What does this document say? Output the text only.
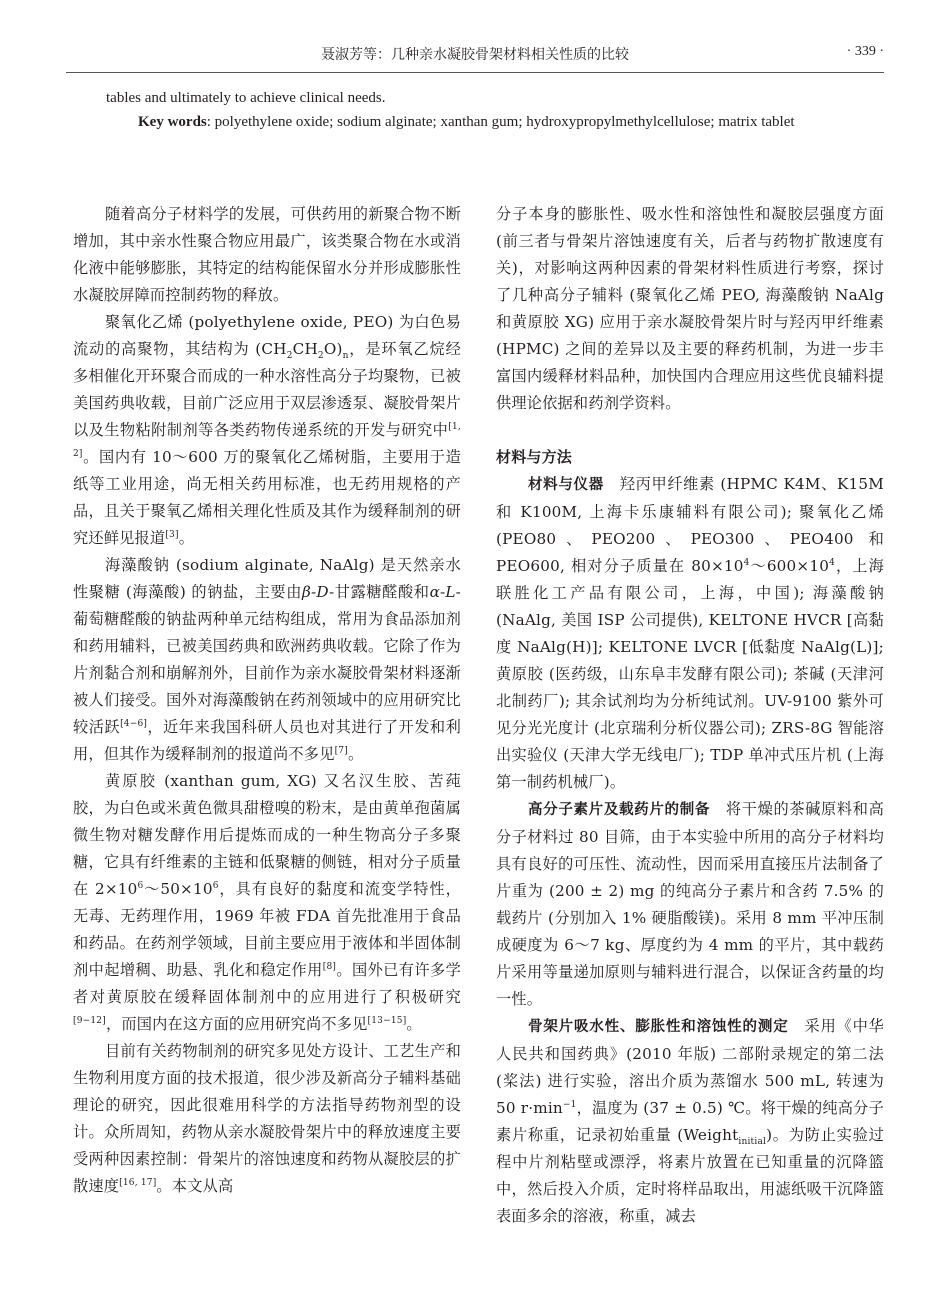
聂淑芳等：几种亲水凝胶骨架材料相关性质的比较	· 339 ·

tables and ultimately to achieve clinical needs.

Key words: polyethylene oxide; sodium alginate; xanthan gum; hydroxypropylmethylcellulose; matrix tablet

随着高分子材料学的发展，可供药用的新聚合物不断增加，其中亲水性聚合物应用最广，该类聚合物在水或消化液中能够膨胀，其特定的结构能保留水分并形成膨胀性水凝胶屏障而控制药物的释放。

聚氧化乙烯 (polyethylene oxide, PEO) 为白色易流动的高聚物，其结构为 $(CH_2CH_2O)_n$，是环氧乙烷经多相催化开环聚合而成的一种水溶性高分子均聚物，已被美国药典收载，目前广泛应用于双层渗透泵、凝胶骨架片以及生物粘附制剂等各类药物传递系统的开发与研究中[1, 2]。国内有 10～600 万的聚氧化乙烯树脂，主要用于造纸等工业用途，尚无相关药用标准，也无药用规格的产品，且关于聚氧乙烯相关理化性质及其作为缓释制剂的研究还鲜见报道[3]。

海藻酸钠 (sodium alginate, NaAlg) 是天然亲水性聚糖 (海藻酸) 的钠盐，主要由β-D-甘露糖醛酸和α-L-葡萄糖醛酸的钠盐两种单元结构组成，常用为食品添加剂和药用辅料，已被美国药典和欧洲药典收载。它除了作为片剂黏合剂和崩解剂外，目前作为亲水凝胶骨架材料逐渐被人们接受。国外对海藻酸钠在药剂领域中的应用研究比较活跃[4−6]，近年来我国科研人员也对其进行了开发和利用，但其作为缓释制剂的报道尚不多见[7]。

黄原胶 (xanthan gum, XG) 又名汉生胶、苦莼胶，为白色或米黄色微具甜橙嗅的粉末，是由黄单孢菌属微生物对糖发酵作用后提炼而成的一种生物高分子多聚糖，它具有纤维素的主链和低聚糖的侧链，相对分子质量在 $2\times 10^6\sim 50\times 10^6$，具有良好的黏度和流变学特性，无毒、无药理作用，1969 年被 FDA 首先批准用于食品和药品。在药剂学领域，目前主要应用于液体和半固体制剂中起增稠、助悬、乳化和稳定作用[8]。国外已有许多学者对黄原胶在缓释固体制剂中的应用进行了积极研究[9−12]，而国内在这方面的应用研究尚不多见[13−15]。

目前有关药物制剂的研究多见处方设计、工艺生产和生物利用度方面的技术报道，很少涉及新高分子辅料基础理论的研究，因此很难用科学的方法指导药物剂型的设计。众所周知，药物从亲水凝胶骨架片中的释放速度主要受两种因素控制：骨架片的溶蚀速度和药物从凝胶层的扩散速度[16, 17]。本文从高

分子本身的膨胀性、吸水性和溶蚀性和凝胶层强度方面 (前三者与骨架片溶蚀速度有关，后者与药物扩散速度有关)，对影响这两种因素的骨架材料性质进行考察，探讨了几种高分子辅料 (聚氧化乙烯 PEO, 海藻酸钠 NaAlg 和黄原胶 XG) 应用于亲水凝胶骨架片时与羟丙甲纤维素 (HPMC) 之间的差异以及主要的释药机制，为进一步丰富国内缓释材料品种，加快国内合理应用这些优良辅料提供理论依据和药剂学资料。

材料与方法

材料与仪器　羟丙甲纤维素 (HPMC K4M、K15M 和 K100M, 上海卡乐康辅料有限公司); 聚氧化乙烯 (PEO80、PEO200、PEO300、PEO400 和 PEO600, 相对分子质量在 $80\times 10^4\sim 600\times 10^4$，上海联胜化工产品有限公司，上海，中国); 海藻酸钠 (NaAlg, 美国 ISP 公司提供), KELTONE HVCR [高黏度 NaAlg(H)]; KELTONE LVCR [低黏度 NaAlg(L)]; 黄原胶 (医药级，山东阜丰发酵有限公司); 茶碱 (天津河北制药厂); 其余试剂均为分析纯试剂。UV-9100 紫外可见分光光度计 (北京瑞利分析仪器公司); ZRS-8G 智能溶出实验仪 (天津大学无线电厂); TDP 单冲式压片机 (上海第一制药机械厂)。

高分子素片及载药片的制备　将干燥的茶碱原料和高分子材料过 80 目筛，由于本实验中所用的高分子材料均具有良好的可压性、流动性，因而采用直接压片法制备了片重为 (200 ± 2) mg 的纯高分子素片和含药 7.5% 的载药片 (分别加入 1% 硬脂酸镁)。采用 8 mm 平冲压制成硬度为 6～7 kg、厚度约为 4 mm 的平片，其中载药片采用等量递加原则与辅料进行混合，以保证含药量的均一性。

骨架片吸水性、膨胀性和溶蚀性的测定　采用《中华人民共和国药典》(2010 年版) 二部附录规定的第二法 (桨法) 进行实验，溶出介质为蒸馏水 500 mL, 转速为 50 $r\cdot\min^{-1}$，温度为 (37 ± 0.5) ℃。将干燥的纯高分子素片称重，记录初始重量 (Weight$_{initial}$)。为防止实验过程中片剂粘壁或漂浮，将素片放置在已知重量的沉降篮中，然后投入介质，定时将样品取出，用滤纸吸干沉降篮表面多余的溶液，称重，减去
